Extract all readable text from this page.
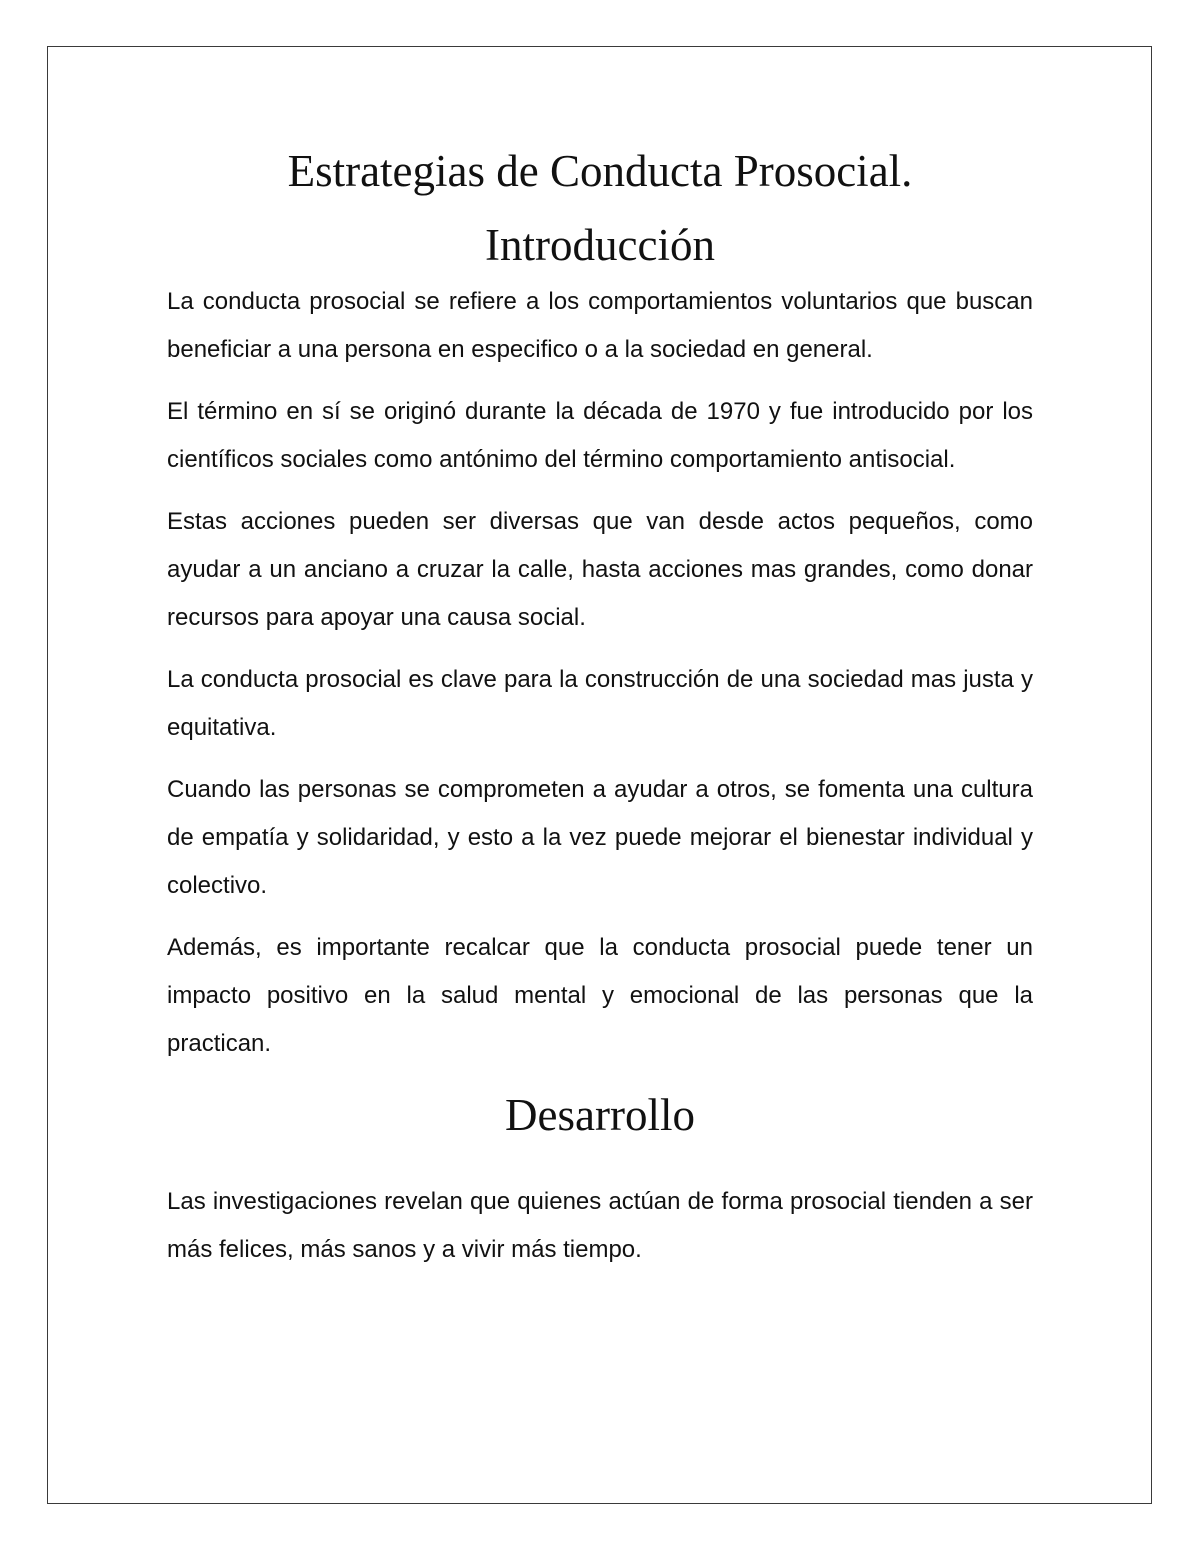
Estrategias de Conducta Prosocial.
Introducción

La conducta prosocial se refiere a los comportamientos voluntarios que buscan beneficiar a una persona en especifico o a la sociedad en general.

El término en sí se originó durante la década de 1970 y fue introducido por los científicos sociales como antónimo del término comportamiento antisocial.

Estas acciones pueden ser diversas que van desde actos pequeños, como ayudar a un anciano a cruzar la calle, hasta acciones mas grandes, como donar recursos para apoyar una causa social.

La conducta prosocial es clave para la construcción de una sociedad mas justa y equitativa.

Cuando las personas se comprometen a ayudar a otros, se fomenta una cultura de empatía y solidaridad, y esto a la vez puede mejorar el bienestar individual y colectivo.

Además, es importante recalcar que la conducta prosocial puede tener un impacto positivo en la salud mental y emocional de las personas que la practican.

Desarrollo

Las investigaciones revelan que quienes actúan de forma prosocial tienden a ser más felices, más sanos y a vivir más tiempo.
